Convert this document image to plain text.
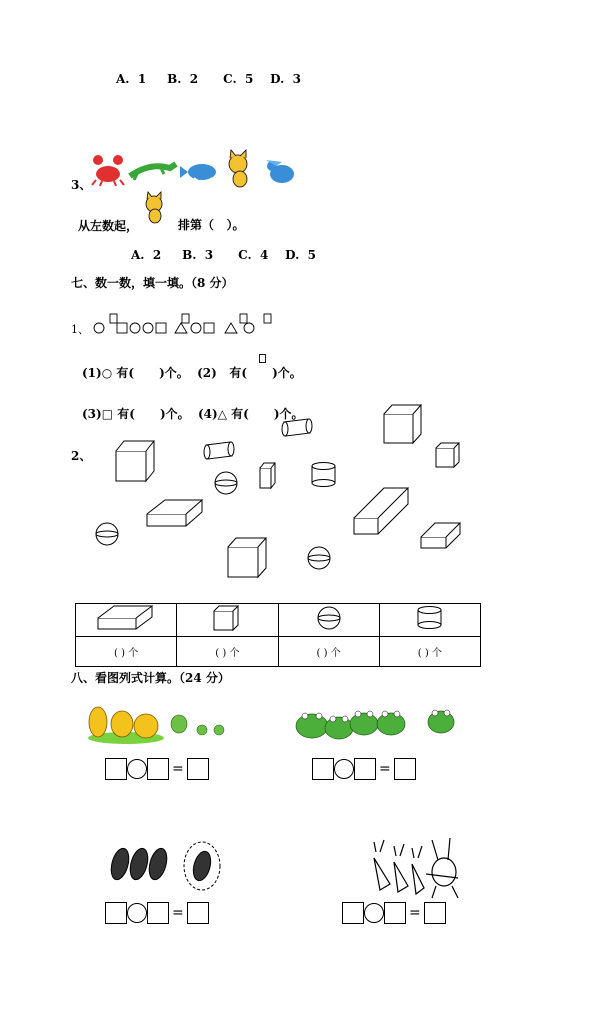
A.  1     B.  2      C.  5    D.  3
3、
从左数起，	排第（   ）。
A.  2     B.  3      C.  4    D.  5
七、数一数，填一填。（8 分）
1、
(1)○ 有(      )个。  (2)   有(      )个。
(3)□ 有(      )个。  (4)△ 有(      )个。
2、

( ) 个	( ) 个	( ) 个	( ) 个
八、看图列式计算。（24 分）
=	=
=	=
